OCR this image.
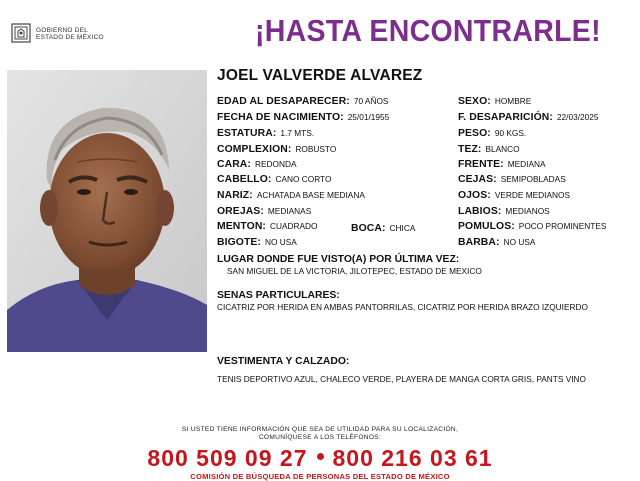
GOBIERNO DEL
ESTADO DE MÉXICO	¡HASTA ENCONTRARLE!
JOEL VALVERDE ALVAREZ
EDAD AL DESAPARECER: 70 AÑOS
FECHA DE NACIMIENTO: 25/01/1955
ESTATURA: 1.7 MTS.
COMPLEXION: ROBUSTO
CARA: REDONDA
CABELLO: CANO CORTO
NARIZ: ACHATADA BASE MEDIANA
OREJAS: MEDIANAS
MENTON: CUADRADO	BOCA: CHICA
BIGOTE: NO USA
SEXO: HOMBRE
F. DESAPARICIÓN: 22/03/2025
PESO: 90 KGS.
TEZ: BLANCO
FRENTE: MEDIANA
CEJAS: SEMIPOBLADAS
OJOS: VERDE MEDIANOS
LABIOS: MEDIANOS
POMULOS: POCO PROMINENTES
BARBA: NO USA
LUGAR DONDE FUE VISTO(A) POR ÚLTIMA VEZ:
SAN MIGUEL DE LA VICTORIA, JILOTEPEC, ESTADO DE MEXICO
SENAS PARTICULARES:
CICATRIZ POR HERIDA EN AMBAS PANTORRILAS, CICATRIZ POR HERIDA BRAZO IZQUIERDO
VESTIMENTA Y CALZADO:
TENIS DEPORTIVO AZUL, CHALECO VERDE, PLAYERA DE MANGA CORTA GRIS, PANTS VINO
SI USTED TIENE INFORMACIÓN QUE SEA DE UTILIDAD PARA SU LOCALIZACIÓN,
COMUNÍQUESE A LOS TELÉFONOS:
800 509 09 27 800 216 03 61
COMISIÓN DE BÚSQUEDA DE PERSONAS DEL ESTADO DE MÉXICO
